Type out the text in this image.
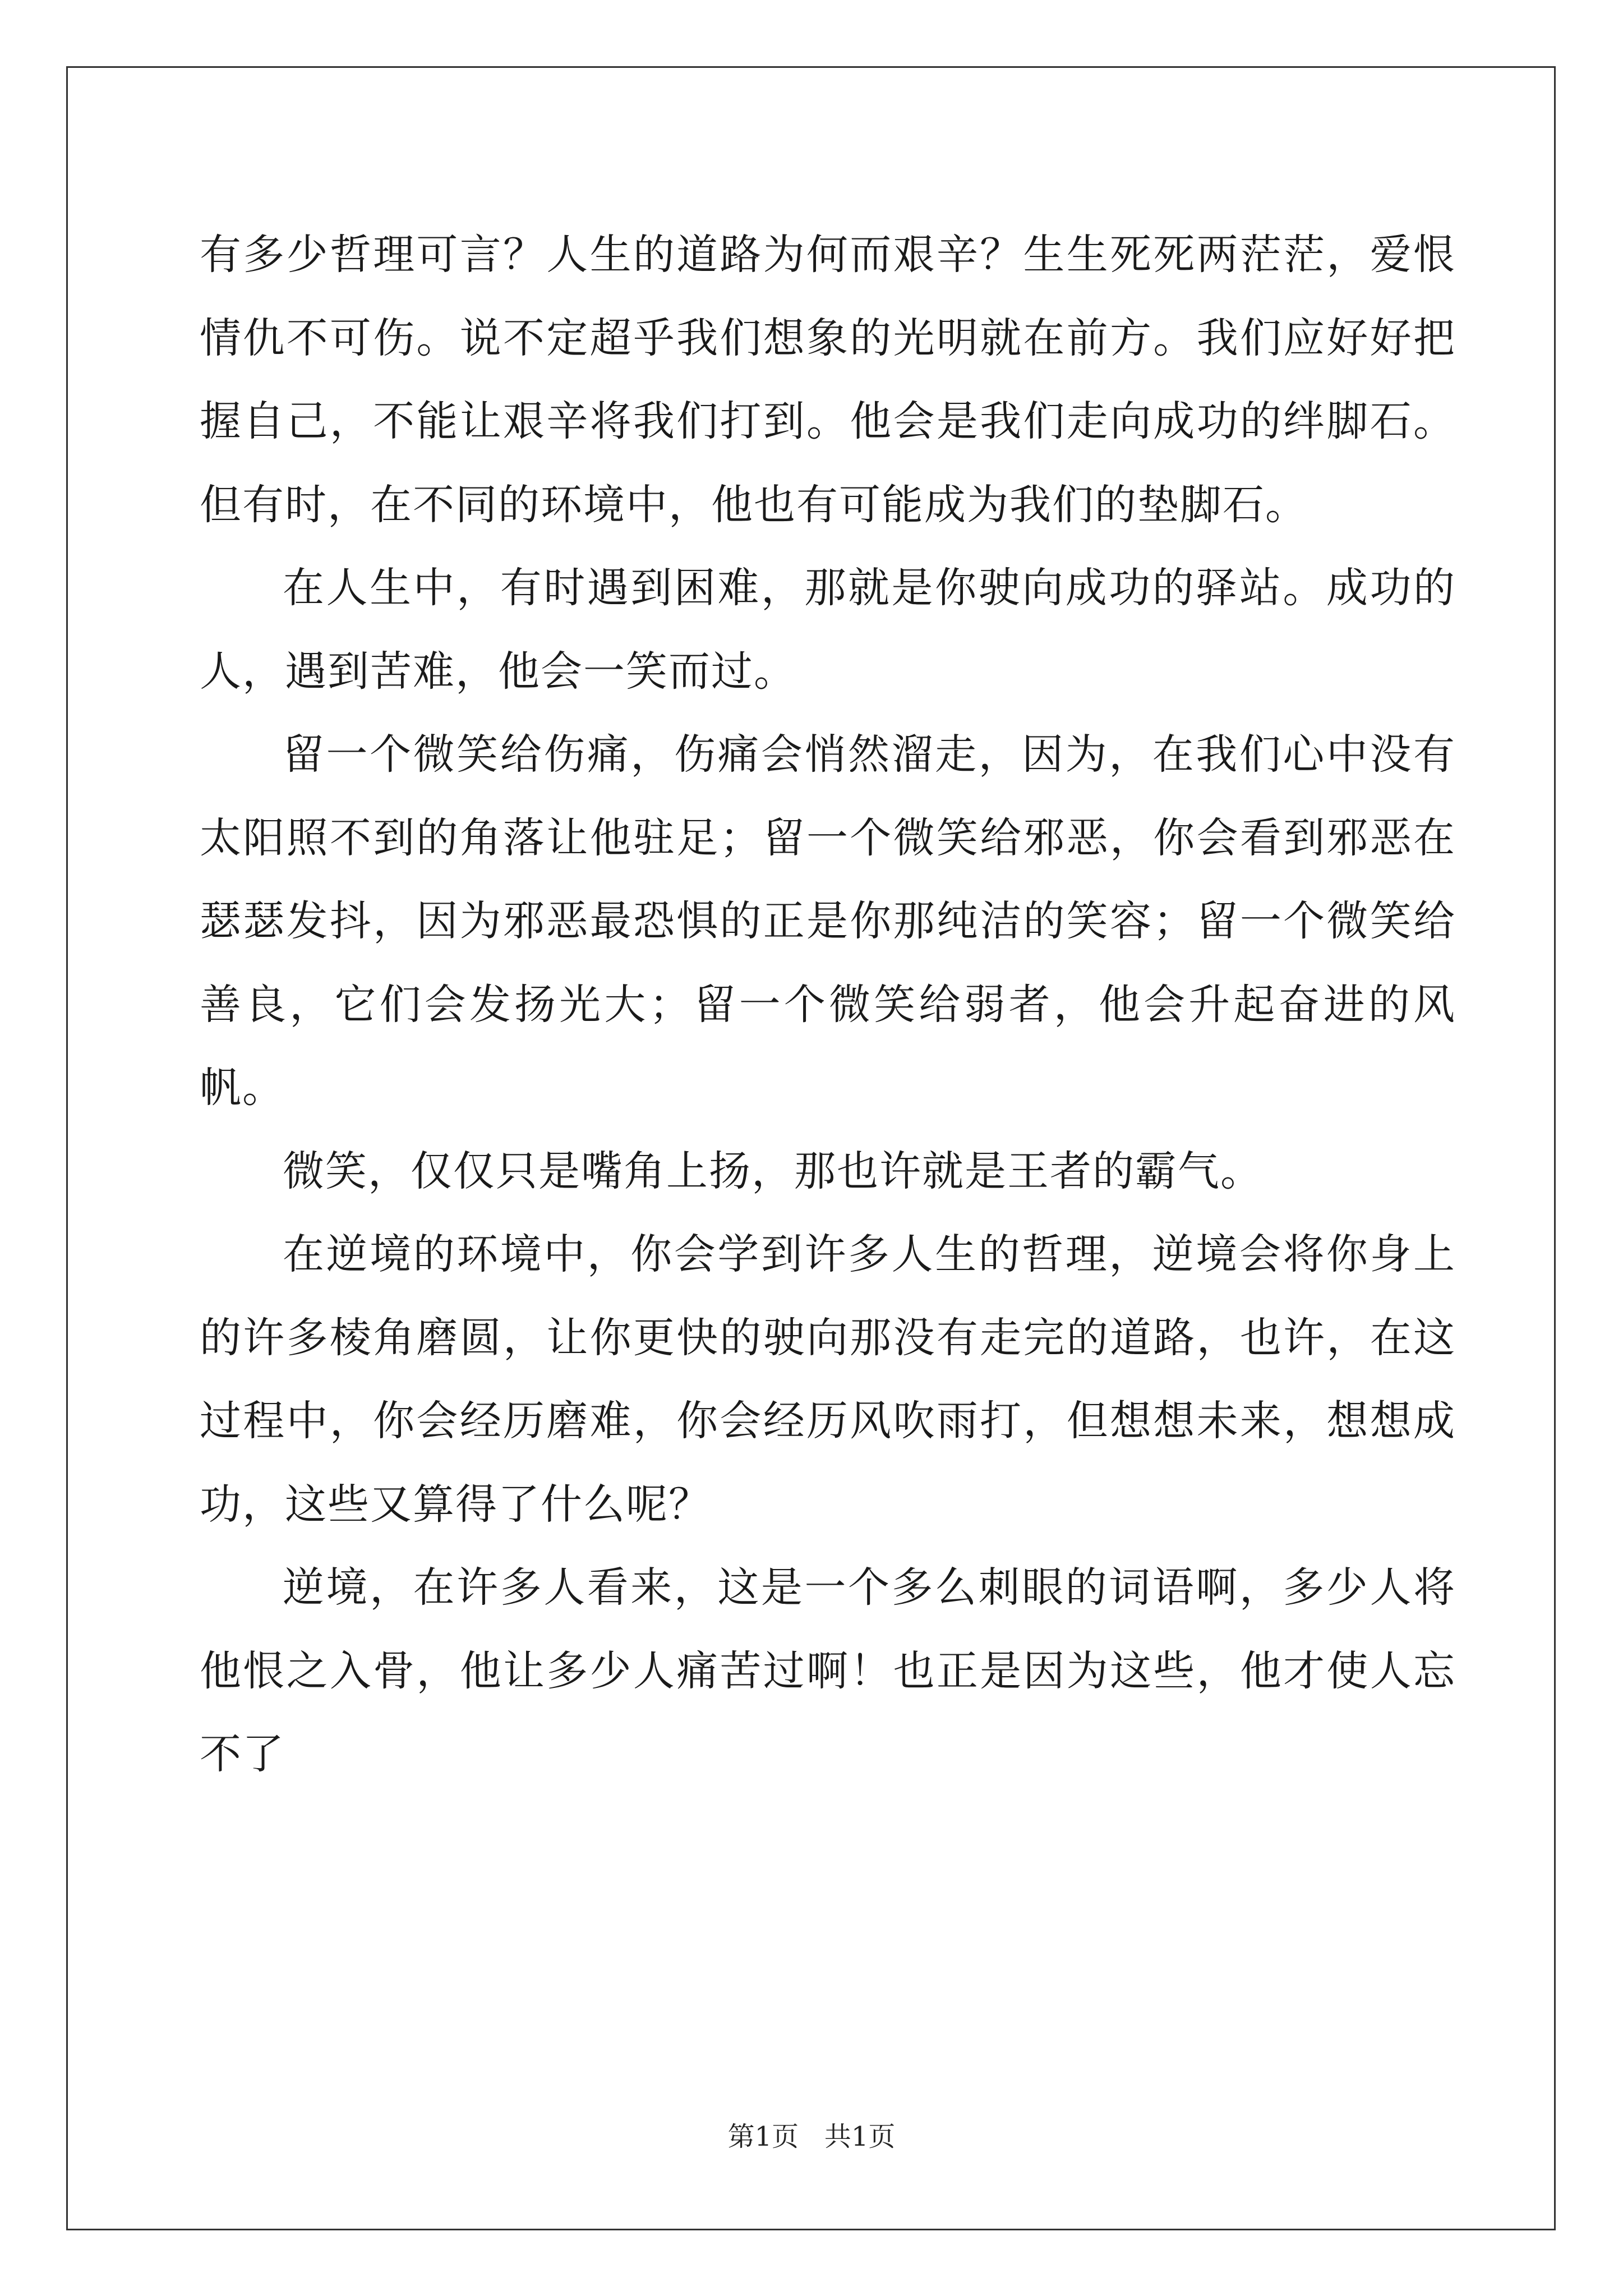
有多少哲理可言？人生的道路为何而艰辛？生生死死两茫茫，爱恨情仇不可伤。说不定超乎我们想象的光明就在前方。我们应好好把握自己，不能让艰辛将我们打到。他会是我们走向成功的绊脚石。但有时，在不同的环境中，他也有可能成为我们的垫脚石。

在人生中，有时遇到困难，那就是你驶向成功的驿站。成功的人，遇到苦难，他会一笑而过。

留一个微笑给伤痛，伤痛会悄然溜走，因为，在我们心中没有太阳照不到的角落让他驻足；留一个微笑给邪恶，你会看到邪恶在瑟瑟发抖，因为邪恶最恐惧的正是你那纯洁的笑容；留一个微笑给善良，它们会发扬光大；留一个微笑给弱者，他会升起奋进的风帆。

微笑，仅仅只是嘴角上扬，那也许就是王者的霸气。

在逆境的环境中，你会学到许多人生的哲理，逆境会将你身上的许多棱角磨圆，让你更快的驶向那没有走完的道路，也许，在这过程中，你会经历磨难，你会经历风吹雨打，但想想未来，想想成功，这些又算得了什么呢？

逆境，在许多人看来，这是一个多么刺眼的词语啊，多少人将他恨之入骨，他让多少人痛苦过啊！也正是因为这些，他才使人忘不了

第1页   共1页
